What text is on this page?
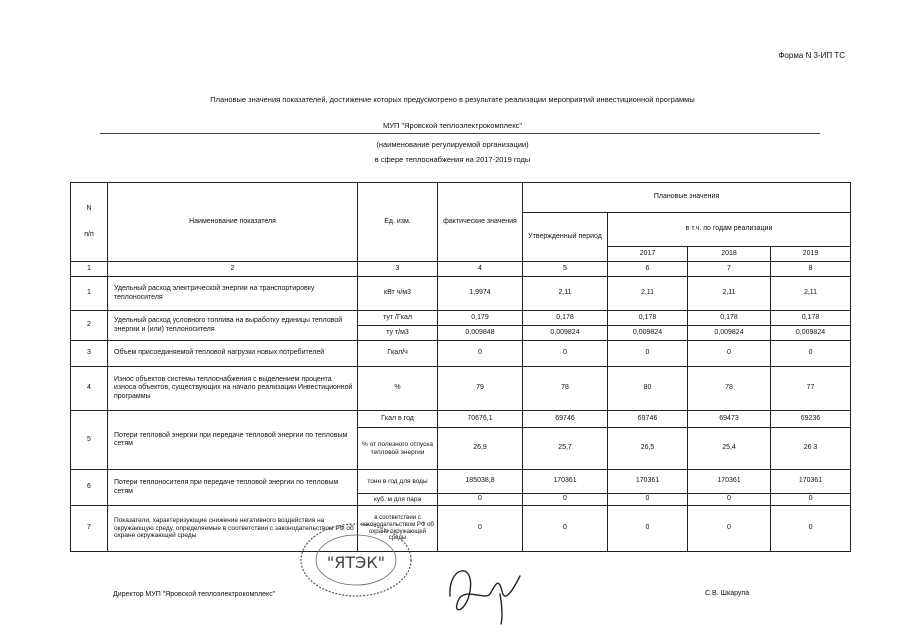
Форма N 3-ИП ТС
Плановые значения показателей, достижение которых предусмотрено в результате реализации мероприятий инвестиционной программы
МУП "Яровской теплоэлектрокомплекс"
(наименование регулируемой организации)
в сфере теплоснабжения на 2017-2019 годы
N
п/п	Наименование показателя	Ед. изм.	фактические значения	Плановые значения			
				Утвержденный период	в т.ч. по годам реализации		
					2017	2018	2019
1	2	3	4	5	6	7	8
1	Удельный расход электрической энергии на транспортировку теплоносителя	кВт ч/м3	1,9974	2,11	2,11	2,11	2,11
2	Удельный расход условного топлива на выработку единицы тепловой энергии и (или) теплоносителя	тут /Гкал	0,179	0,178	0,178	0,178	0,178
		ту т/м3	0,009848	0,009824	0,009824	0,009824	0,009824
3	Объем присоединяемой тепловой нагрузки новых потребителей	Гкал/ч	0	0	0	0	0
4	Износ объектов системы теплоснабжения с выделением процента износа объектов, существующих на начало реализации Инвестиционной программы	%	79	78	80	78	77
5	Потери тепловой энергии при передаче тепловой энергии по тепловым сетям	Гкал в год	70676,1	69746	69746	69473	69236
		% от полезного отпуска тепловой энергии	26,9	25,7	26,5	25,4	26 3
6	Потери теплоносителя при передаче тепловой энергии по тепловым сетям	тонн в год для воды	185038,8	170361	170361	170361	170361
		куб. м для пара	0	0	0	0	0
7	Показатели, характеризующие снижение негативного воздействия на окружающую среду, определяемые в соответствии с законодательством РФ об охране окружающей среды	в соответствии с законодательством РФ об охране окружающей среды	0	0	0	0	0
Директор МУП "Яровской теплоэлектрокомплекс"	С.В. Шкарупа
"ЯТЭК"
